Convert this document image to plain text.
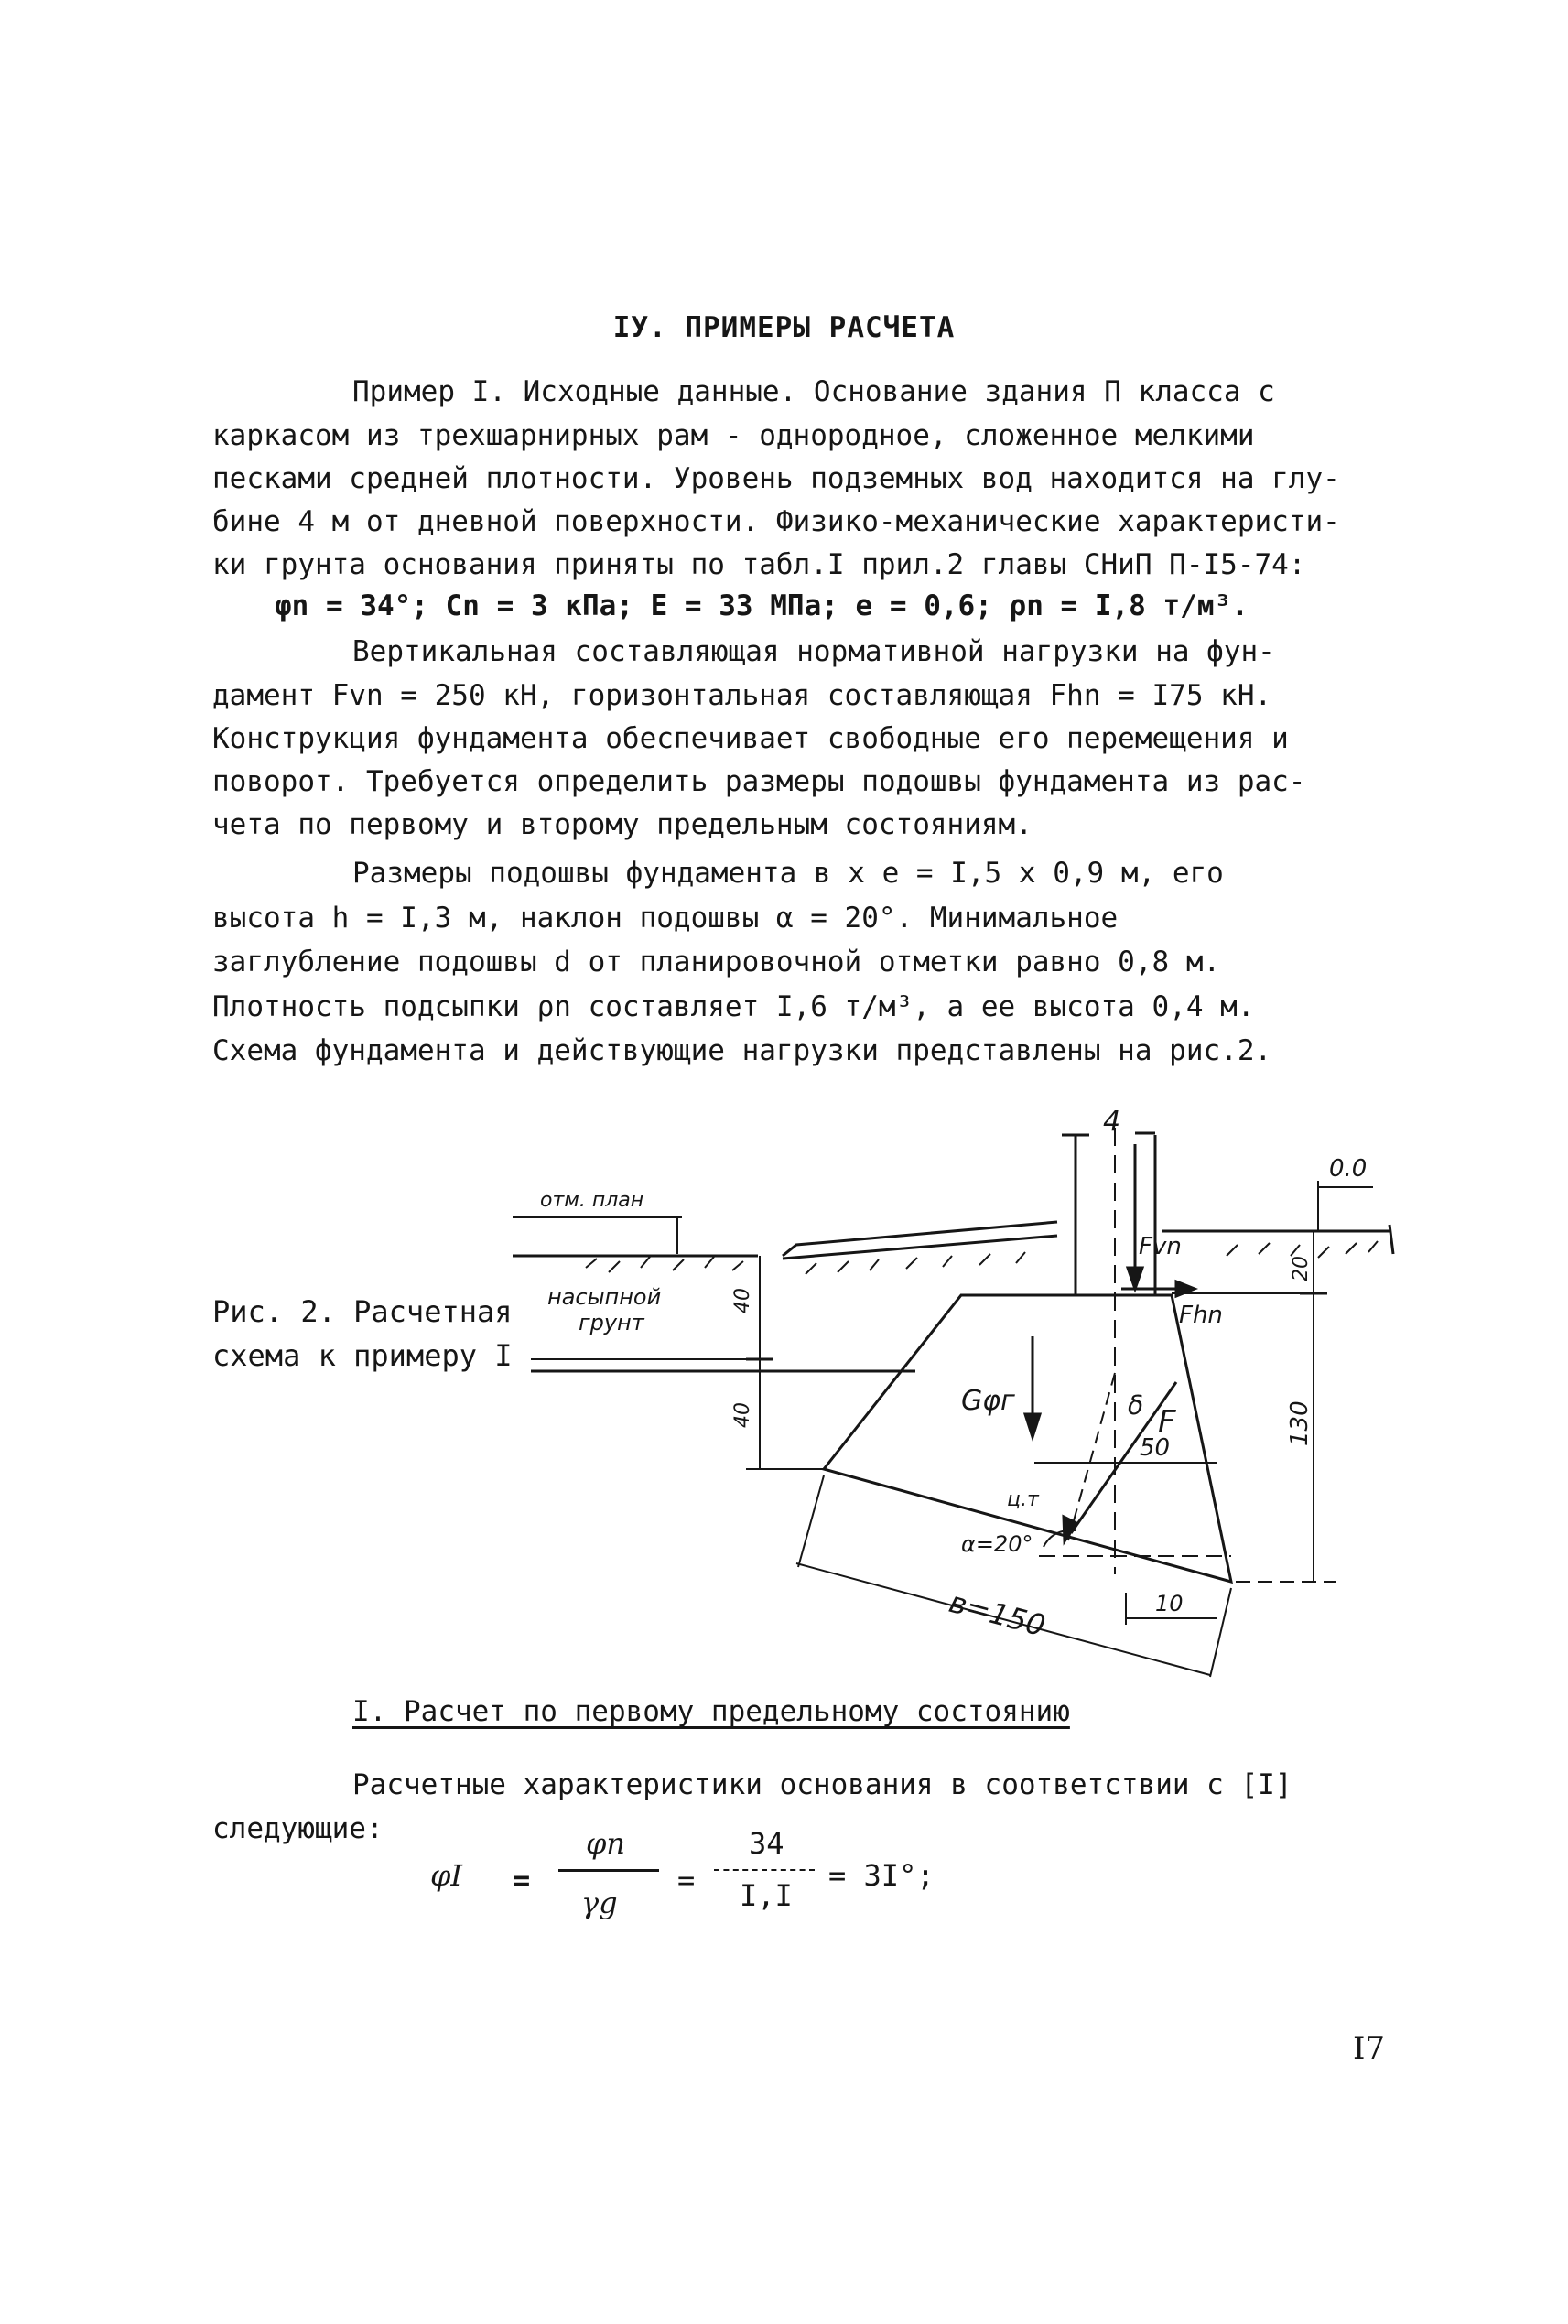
IУ. ПРИМЕРЫ РАСЧЕТА
Пример I. Исходные данные. Основание здания П класса с
каркасом из трехшарнирных рам - однородное, сложенное мелкими
песками средней плотности. Уровень подземных вод находится на глу-
бине 4 м от дневной поверхности. Физико-механические характеристи-
ки грунта основания приняты по табл.I прил.2 главы СНиП П-I5-74:
φn = 34°; Cn = 3 кПа; E = 33 МПа; e = 0,6; ρn = I,8 т/м³.
Вертикальная составляющая нормативной нагрузки на фун-
дамент Fvn = 250 кН, горизонтальная составляющая Fhn = I75 кН.
Конструкция фундамента обеспечивает свободные его перемещения и
поворот. Требуется определить размеры подошвы фундамента из рас-
чета по первому и второму предельным состояниям.
Размеры подошвы фундамента в x e = I,5 x 0,9 м, его
высота h = I,3 м, наклон подошвы α = 20°. Минимальное
заглубление подошвы d от планировочной отметки равно 0,8 м.
Плотность подсыпки ρn составляет I,6 т/м³, а ее высота 0,4 м.
Схема фундамента и действующие нагрузки представлены на рис.2.
Рис. 2. Расчетная
схема к примеру I
4
0.0
отм. план
насыпной
грунт
40
40
20
130
50
Fvn
Fhn
Gφг
F
δ
ц.т
α=20°
в=150	10
I. Расчет по первому предельному состоянию
Расчетные характеристики основания в соответствии с [I]
следующие:
φI =
φn
γg
=
34
I,I
= 3I°;
I7
